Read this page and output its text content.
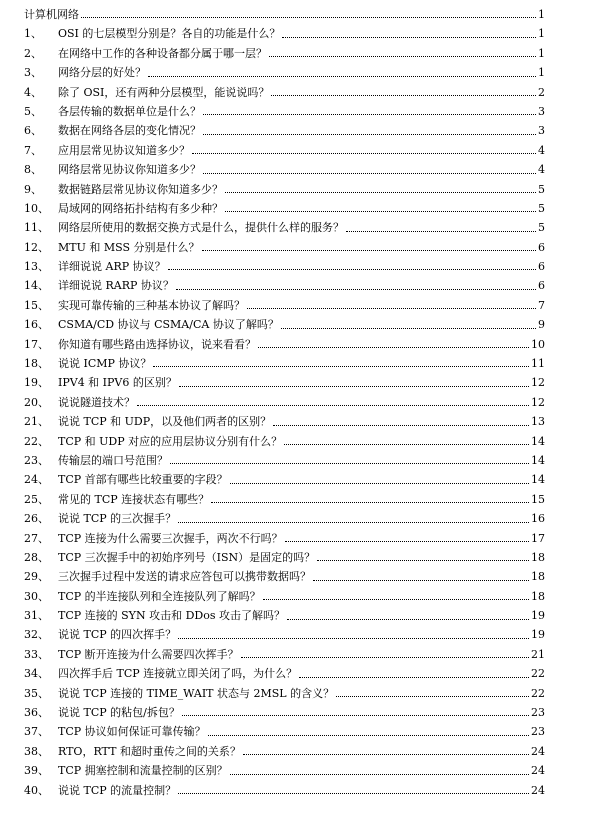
计算机网络	1
1、	OSI 的七层模型分别是？各自的功能是什么？	1
2、	在网络中工作的各种设备都分属于哪一层？	1
3、	网络分层的好处？	1
4、	除了 OSI，还有两种分层模型，能说说吗？	2
5、	各层传输的数据单位是什么？	3
6、	数据在网络各层的变化情况？	3
7、	应用层常见协议知道多少？	4
8、	网络层常见协议你知道多少？	4
9、	数据链路层常见协议你知道多少？	5
10、 局域网的网络拓扑结构有多少种？	5
11、 网络层所使用的数据交换方式是什么，提供什么样的服务？	5
12、 MTU 和 MSS 分别是什么？	6
13、 详细说说 ARP 协议？	6
14、 详细说说 RARP 协议？	6
15、 实现可靠传输的三种基本协议了解吗？	7
16、 CSMA/CD 协议与 CSMA/CA 协议了解吗？	9
17、 你知道有哪些路由选择协议，说来看看？	10
18、 说说 ICMP 协议？	11
19、 IPV4 和 IPV6 的区别？	12
20、 说说隧道技术？	12
21、 说说 TCP 和 UDP，以及他们两者的区别？	13
22、 TCP 和 UDP 对应的应用层协议分别有什么？	14
23、 传输层的端口号范围？	14
24、 TCP 首部有哪些比较重要的字段？	14
25、 常见的 TCP 连接状态有哪些？	15
26、 说说 TCP 的三次握手？	16
27、 TCP 连接为什么需要三次握手，两次不行吗？	17
28、 TCP 三次握手中的初始序列号（ISN）是固定的吗？	18
29、 三次握手过程中发送的请求应答包可以携带数据吗？	18
30、 TCP 的半连接队列和全连接队列了解吗？	18
31、 TCP 连接的 SYN 攻击和 DDos 攻击了解吗？	19
32、 说说 TCP 的四次挥手？	19
33、 TCP 断开连接为什么需要四次挥手？	21
34、 四次挥手后 TCP 连接就立即关闭了吗，为什么？	22
35、 说说 TCP 连接的 TIME_WAIT 状态与 2MSL 的含义？	22
36、 说说 TCP 的粘包/拆包？	23
37、 TCP 协议如何保证可靠传输？	23
38、 RTO，RTT 和超时重传之间的关系？	24
39、 TCP 拥塞控制和流量控制的区别？	24
40、 说说 TCP 的流量控制？	24
